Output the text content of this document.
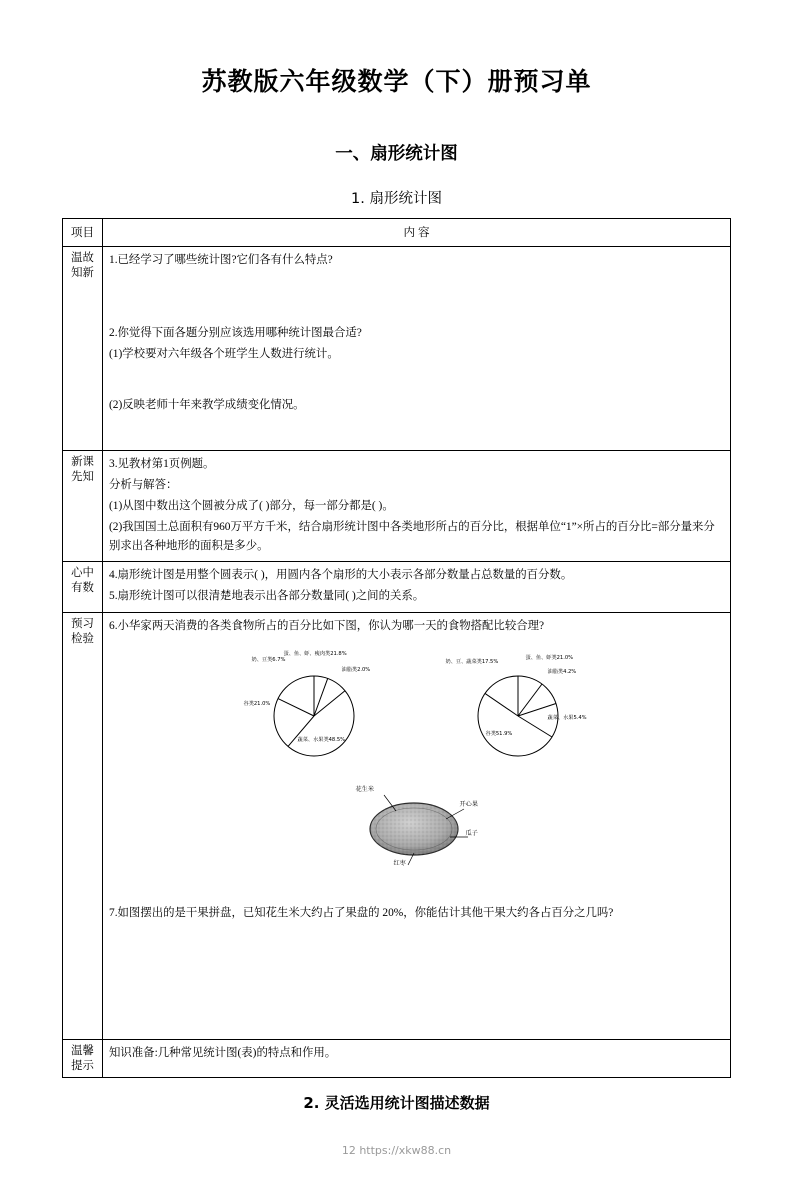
苏教版六年级数学（下）册预习单
一、扇形统计图
1. 扇形统计图
项目	内 容

温故知新	1.已经学习了哪些统计图?它们各有什么特点?

2.你觉得下面各题分别应该选用哪种统计图最合适?

(1)学校要对六年级各个班学生人数进行统计。

(2)反映老师十年来教学成绩变化情况。

新课先知	3.见教材第1页例题。

分析与解答：

(1)从图中数出这个圆被分成了( )部分，每一部分都是( )。

(2)我国国土总面积有960万平方千米，结合扇形统计图中各类地形所占的百分比，根据单位“1”×所占的百分比=部分量来分别求出各种地形的面积是多少。

心中有数	4.扇形统计图是用整个圆表示( )，用圆内各个扇形的大小表示各部分数量占总数量的百分数。

5.扇形统计图可以很清楚地表示出各部分数量同( )之间的关系。

预习检验

6.小华家两天消费的各类食物所占的百分比如下图，你认为哪一天的食物搭配比较合理?

蛋、鱼、虾、瘦肉类21.8%
油脂类2.0%
谷类21.0%
蔬菜、水果类48.5%
奶、豆类6.7%	奶、豆、蔬菜类17.5%
蛋、鱼、虾类21.0%
油脂类4.2%
蔬菜、水果5.4%
谷类51.9%
花生米
开心果
瓜子
红枣

7.如图摆出的是干果拼盘，已知花生米大约占了果盘的 20%，你能估计其他干果大约各占百分之几吗?

温馨提示	知识准备:几种常见统计图(表)的特点和作用。

2. 灵活选用统计图描述数据
12 https://xkw88.cn
